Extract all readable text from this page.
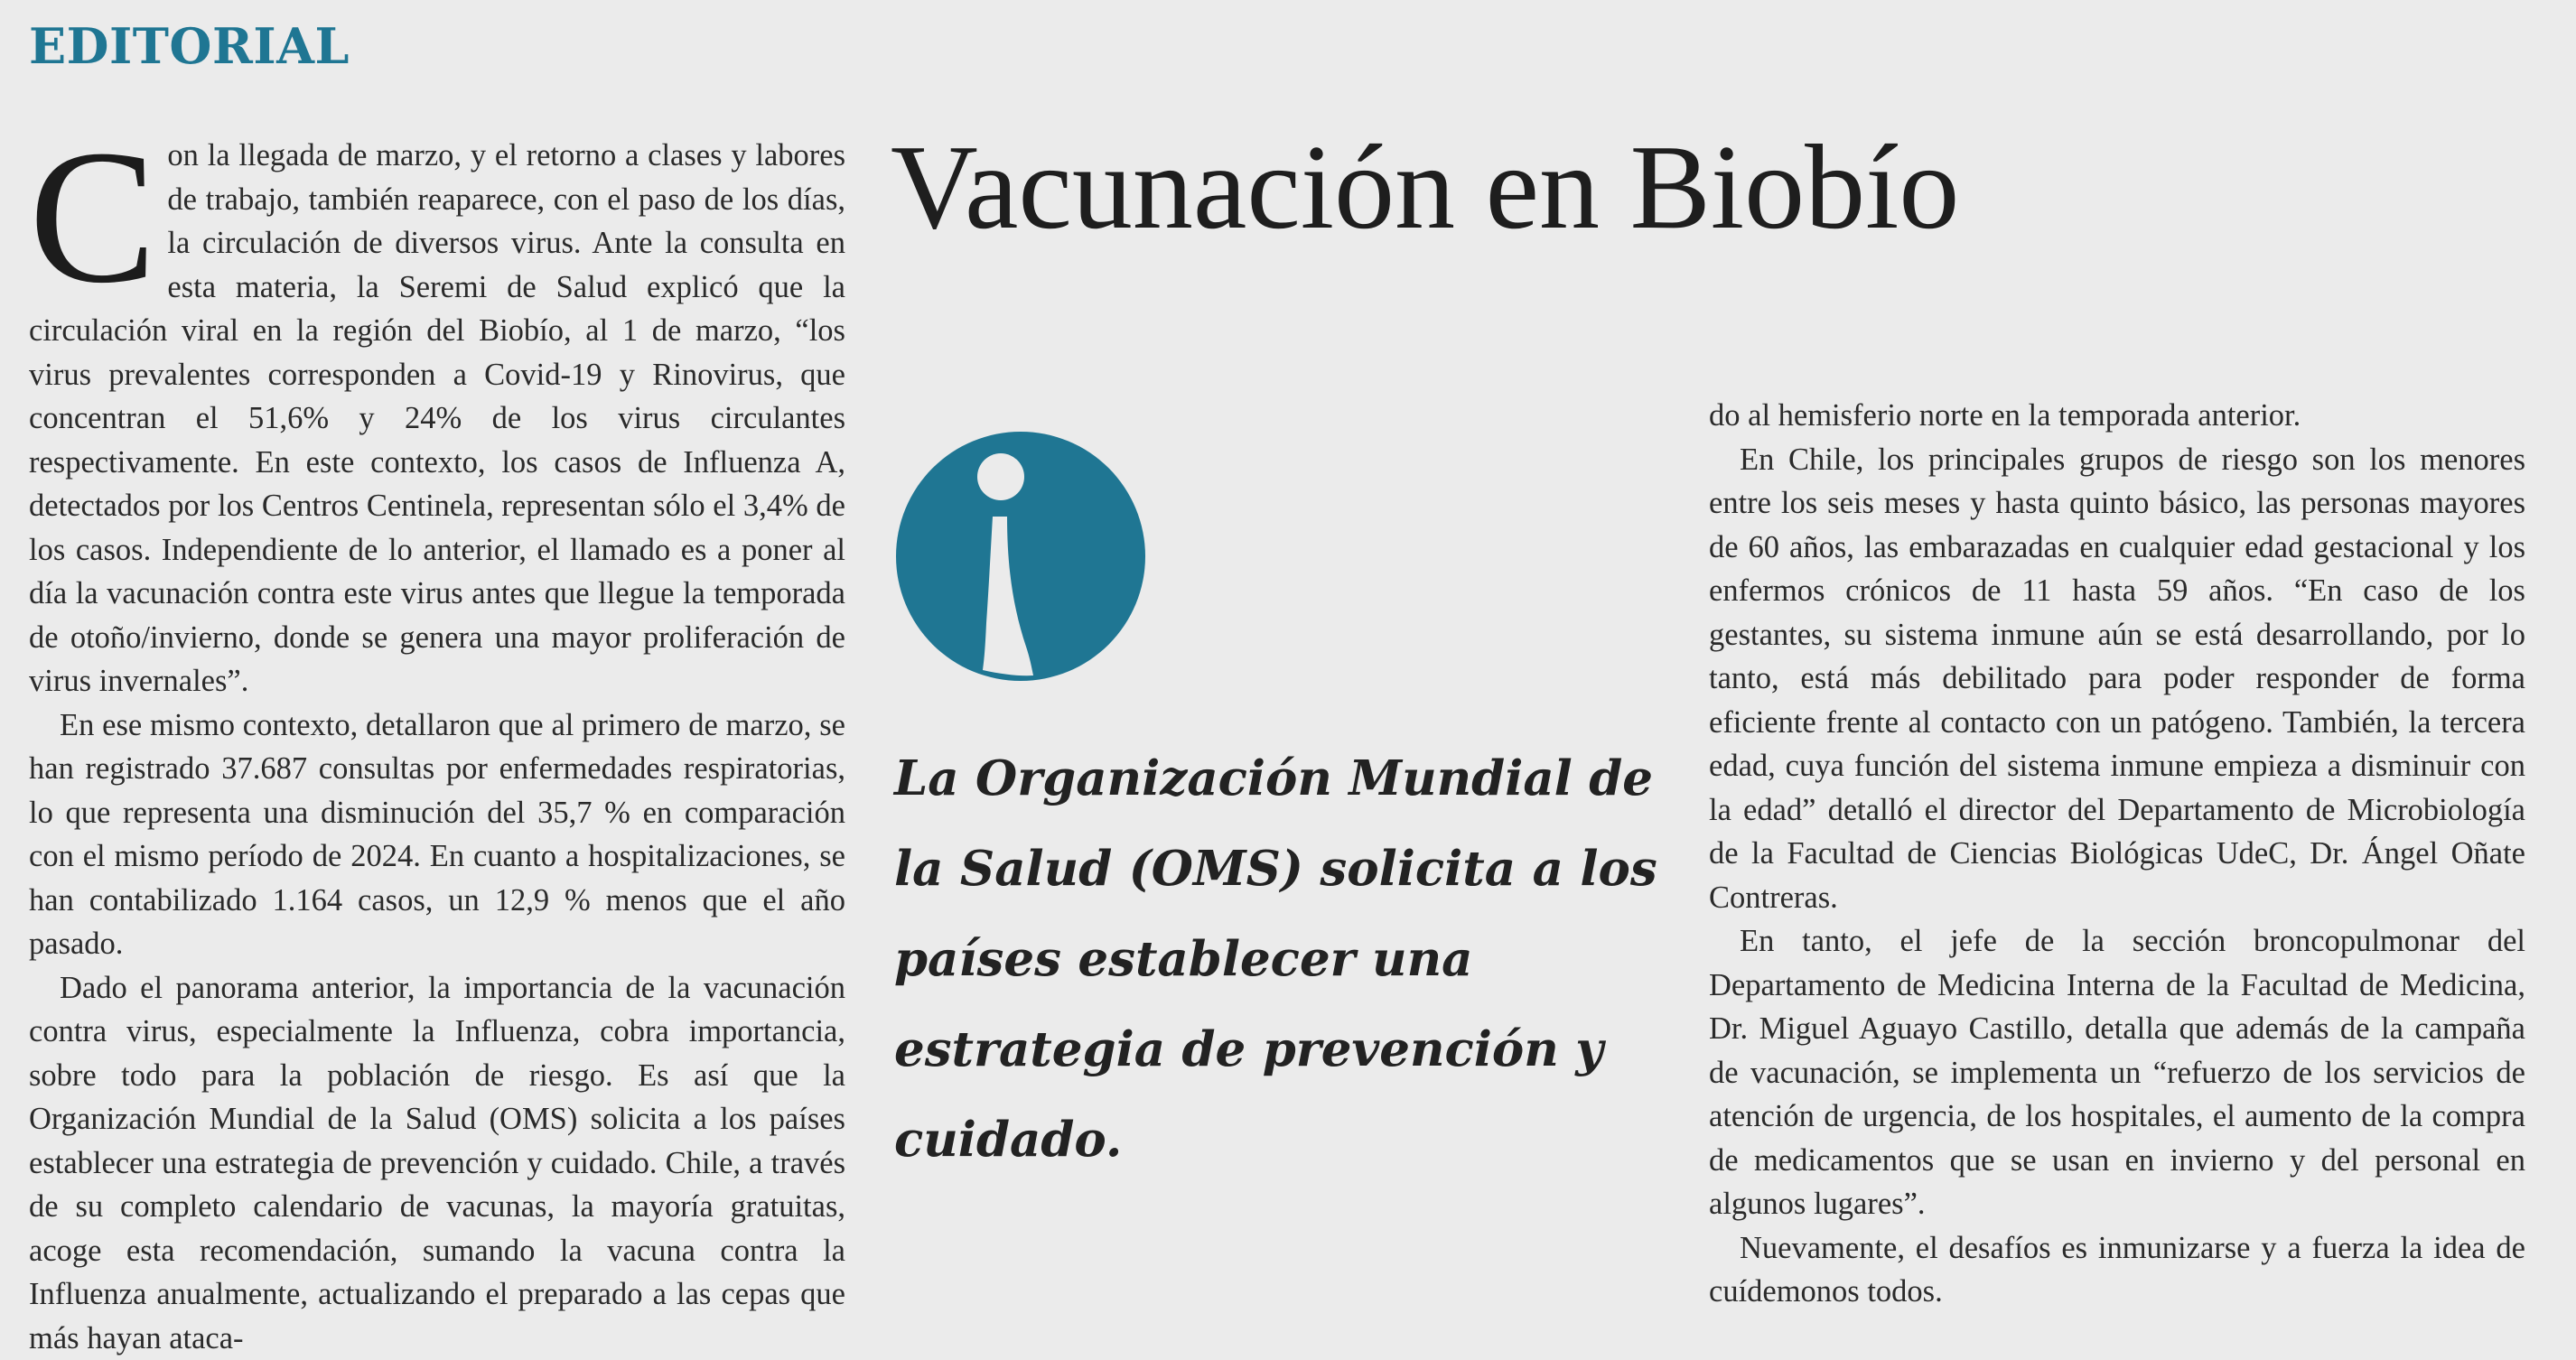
EDITORIAL

Con la llegada de marzo, y el retorno a clases y labores de trabajo, también reaparece, con el paso de los días, la circulación de diversos virus. Ante la consulta en esta materia, la Seremi de Salud explicó que la circulación viral en la región del Biobío, al 1 de marzo, “los virus prevalentes corresponden a Covid-19 y Rinovirus, que concentran el 51,6% y 24% de los virus circulantes respectivamente. En este contexto, los casos de Influenza A, detectados por los Centros Centinela, representan sólo el 3,4% de los casos. Independiente de lo anterior, el llamado es a poner al día la vacunación contra este virus antes que llegue la temporada de otoño/invierno, donde se genera una mayor proliferación de virus invernales”.

En ese mismo contexto, detallaron que al primero de marzo, se han registrado 37.687 consultas por enfermedades respiratorias, lo que representa una disminución del 35,7 % en comparación con el mismo período de 2024. En cuanto a hospitalizaciones, se han contabilizado 1.164 casos, un 12,9 % menos que el año pasado.

Dado el panorama anterior, la importancia de la vacunación contra virus, especialmente la Influenza, cobra importancia, sobre todo para la población de riesgo. Es así que la Organización Mundial de la Salud (OMS) solicita a los países establecer una estrategia de prevención y cuidado. Chile, a través de su completo calendario de vacunas, la mayoría gratuitas, acoge esta recomendación, sumando la vacuna contra la Influenza anualmente, actualizando el preparado a las cepas que más hayan ataca-

Vacunación en Biobío
La Organización Mundial de la Salud (OMS) solicita a los países establecer una estrategia de prevención y cuidado.

do al hemisferio norte en la temporada anterior.

En Chile, los principales grupos de riesgo son los menores entre los seis meses y hasta quinto básico, las personas mayores de 60 años, las embarazadas en cualquier edad gestacional y los enfermos crónicos de 11 hasta 59 años. “En caso de los gestantes, su sistema inmune aún se está desarrollando, por lo tanto, está más debilitado para poder responder de forma eficiente frente al contacto con un patógeno. También, la tercera edad, cuya función del sistema inmune empieza a disminuir con la edad” detalló el director del Departamento de Microbiología de la Facultad de Ciencias Biológicas UdeC, Dr. Ángel Oñate Contreras.

En tanto, el jefe de la sección broncopulmonar del Departamento de Medicina Interna de la Facultad de Medicina, Dr. Miguel Aguayo Castillo, detalla que además de la campaña de vacunación, se implementa un “refuerzo de los servicios de atención de urgencia, de los hospitales, el aumento de la compra de medicamentos que se usan en invierno y del personal en algunos lugares”.

Nuevamente, el desafíos es inmunizarse y a fuerza la idea de cuídemonos todos.
